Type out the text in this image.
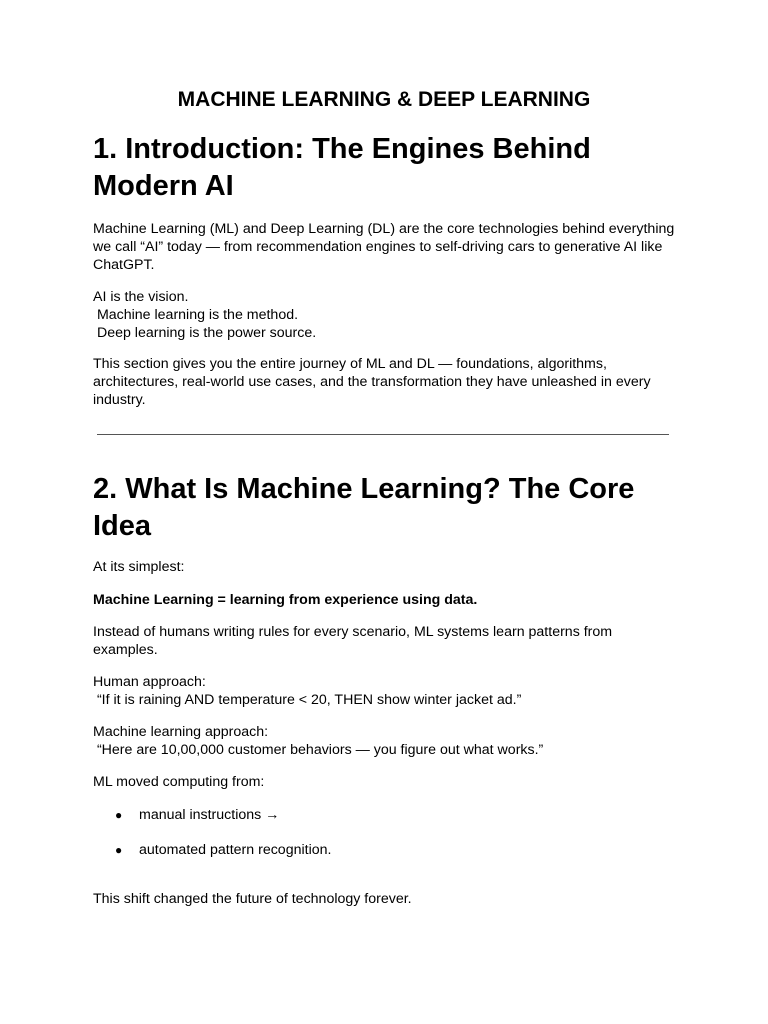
MACHINE LEARNING & DEEP LEARNING
1. Introduction: The Engines Behind
Modern AI

Machine Learning (ML) and Deep Learning (DL) are the core technologies behind everything
we call “AI” today — from recommendation engines to self-driving cars to generative AI like
ChatGPT.

AI is the vision.
Machine learning is the method.
Deep learning is the power source.

This section gives you the entire journey of ML and DL — foundations, algorithms,
architectures, real-world use cases, and the transformation they have unleashed in every
industry.

2. What Is Machine Learning? The Core
Idea

At its simplest:

Machine Learning = learning from experience using data.

Instead of humans writing rules for every scenario, ML systems learn patterns from
examples.

Human approach:
“If it is raining AND temperature < 20, THEN show winter jacket ad.”

Machine learning approach:
“Here are 10,00,000 customer behaviors — you figure out what works.”

ML moved computing from:

●	manual instructions →
●	automated pattern recognition.

This shift changed the future of technology forever.
